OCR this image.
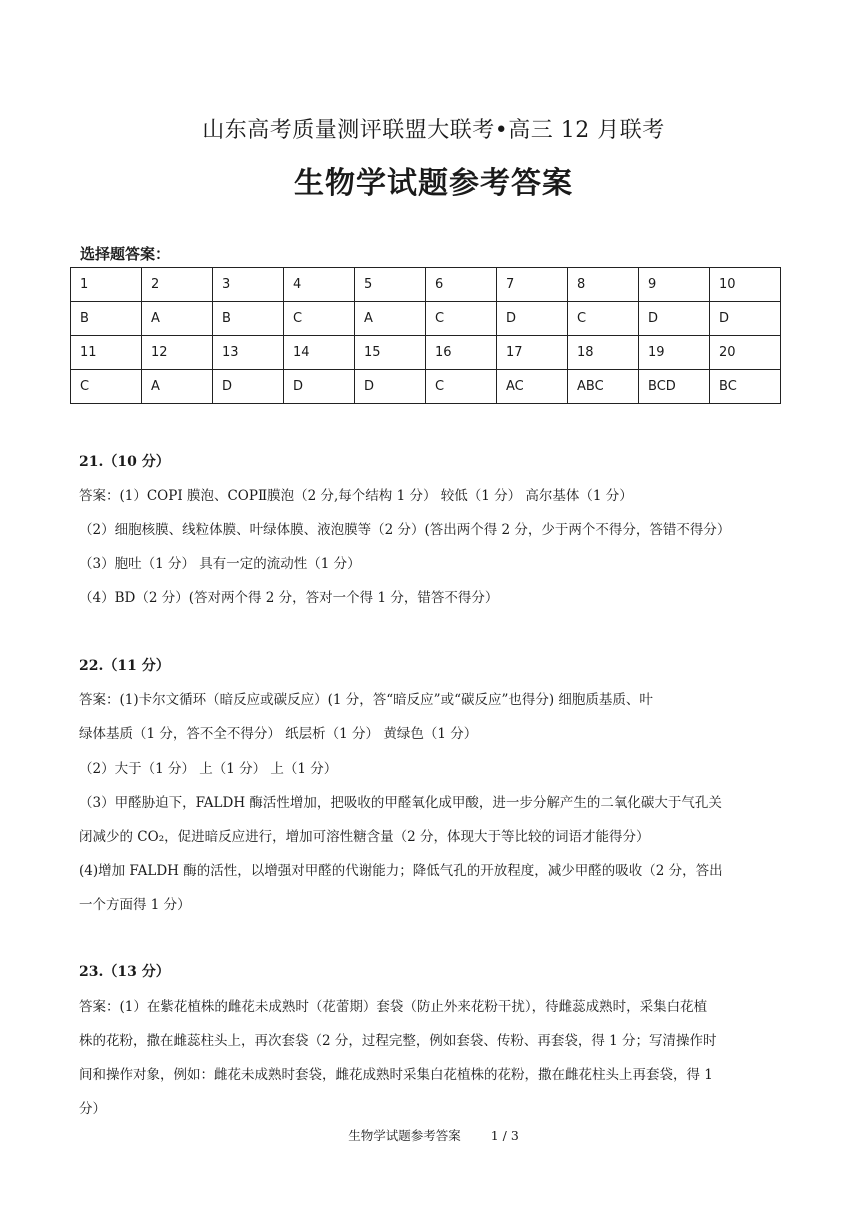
山东高考质量测评联盟大联考•高三 12 月联考
生物学试题参考答案
选择题答案：
1	2	3	4	5	6	7	8	9	10
B	A	B	C	A	C	D	C	D	D
11	12	13	14	15	16	17	18	19	20
C	A	D	D	D	C	AC	ABC	BCD	BC
21.（10 分）
答案：(1）COPI 膜泡、COPⅡ膜泡（2 分,每个结构 1 分） 较低（1 分） 高尔基体（1 分）
（2）细胞核膜、线粒体膜、叶绿体膜、液泡膜等（2 分）(答出两个得 2 分，少于两个不得分，答错不得分）
（3）胞吐（1 分） 具有一定的流动性（1 分）
（4）BD（2 分）(答对两个得 2 分，答对一个得 1 分，错答不得分）
22.（11 分）
答案：(1)卡尔文循环（暗反应或碳反应）(1 分，答“暗反应”或“碳反应”也得分) 细胞质基质、叶
绿体基质（1 分，答不全不得分） 纸层析（1 分） 黄绿色（1 分）
（2）大于（1 分） 上（1 分） 上（1 分）
（3）甲醛胁迫下，FALDH 酶活性增加，把吸收的甲醛氧化成甲酸，进一步分解产生的二氧化碳大于气孔关
闭减少的 CO₂，促进暗反应进行，增加可溶性糖含量（2 分，体现大于等比较的词语才能得分）
(4)增加 FALDH 酶的活性，以增强对甲醛的代谢能力；降低气孔的开放程度，减少甲醛的吸收（2 分，答出
一个方面得 1 分）
23.（13 分）
答案：(1）在紫花植株的雌花未成熟时（花蕾期）套袋（防止外来花粉干扰），待雌蕊成熟时，采集白花植
株的花粉，撒在雌蕊柱头上，再次套袋（2 分，过程完整，例如套袋、传粉、再套袋，得 1 分；写清操作时
间和操作对象，例如：雌花未成熟时套袋，雌花成熟时采集白花植株的花粉，撒在雌花柱头上再套袋，得 1
分）
生物学试题参考答案 1 / 3
